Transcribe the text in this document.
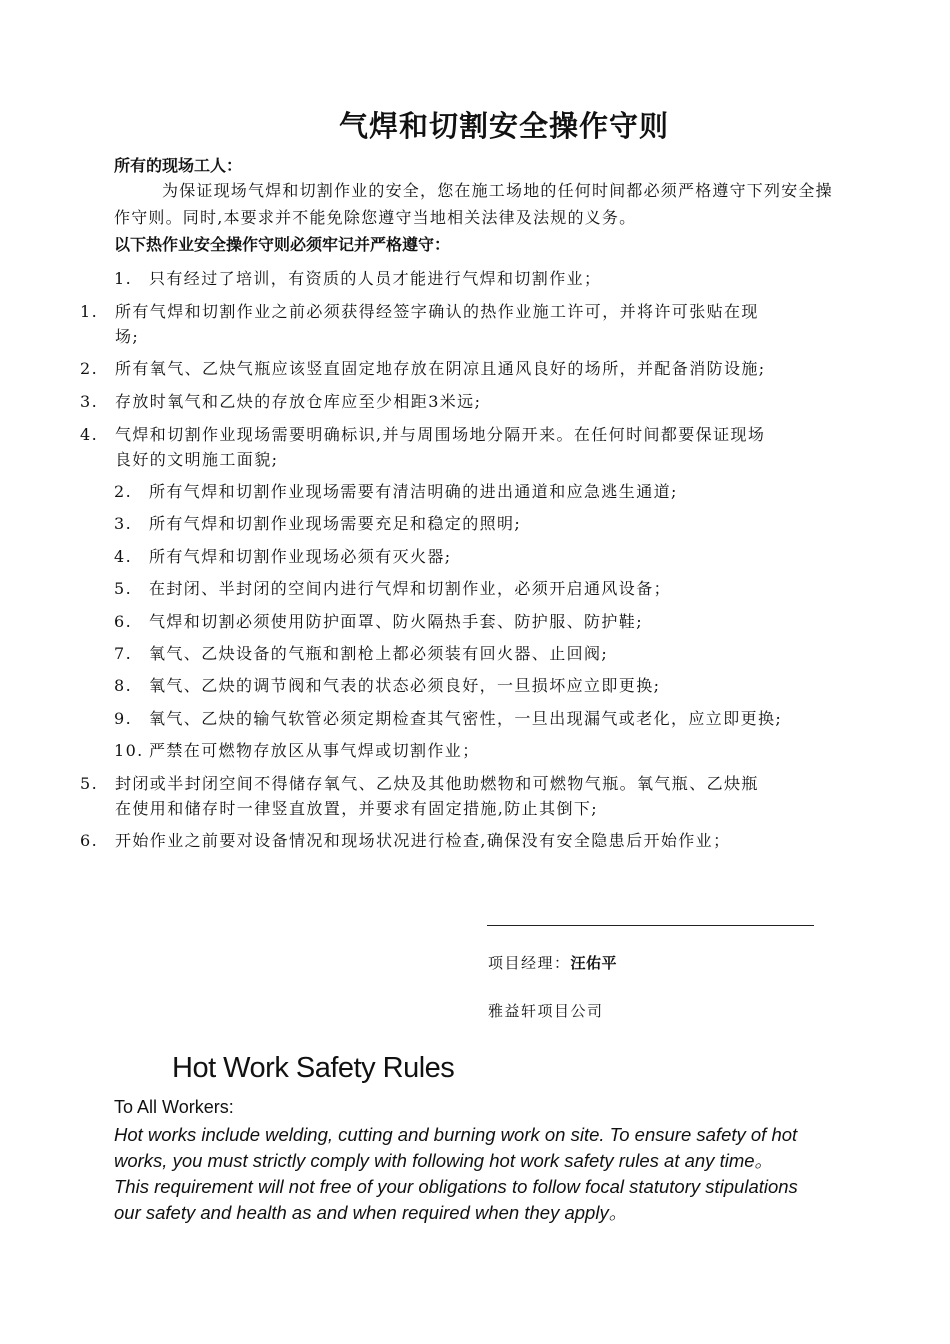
气焊和切割安全操作守则
所有的现场工人：
为保证现场气焊和切割作业的安全，您在施工场地的任何时间都必须严格遵守下列安全操作守则。同时,本要求并不能免除您遵守当地相关法律及法规的义务。
以下热作业安全操作守则必须牢记并严格遵守：
1. 只有经过了培训，有资质的人员才能进行气焊和切割作业；
1. 所有气焊和切割作业之前必须获得经签字确认的热作业施工许可，并将许可张贴在现
场;
2. 所有氧气、乙炔气瓶应该竖直固定地存放在阴凉且通风良好的场所，并配备消防设施;
3. 存放时氧气和乙炔的存放仓库应至少相距3米远;
4. 气焊和切割作业现场需要明确标识,并与周围场地分隔开来。在任何时间都要保证现场
良好的文明施工面貌;
2. 所有气焊和切割作业现场需要有清洁明确的进出通道和应急逃生通道;
3. 所有气焊和切割作业现场需要充足和稳定的照明;
4. 所有气焊和切割作业现场必须有灭火器;
5. 在封闭、半封闭的空间内进行气焊和切割作业，必须开启通风设备；
6. 气焊和切割必须使用防护面罩、防火隔热手套、防护服、防护鞋;
7. 氧气、乙炔设备的气瓶和割枪上都必须装有回火器、止回阀;
8. 氧气、乙炔的调节阀和气表的状态必须良好，一旦损坏应立即更换;
9. 氧气、乙炔的输气软管必须定期检查其气密性，一旦出现漏气或老化，应立即更换;
10. 严禁在可燃物存放区从事气焊或切割作业；
5. 封闭或半封闭空间不得储存氧气、乙炔及其他助燃物和可燃物气瓶。氧气瓶、乙炔瓶
在使用和储存时一律竖直放置，并要求有固定措施,防止其倒下;
6. 开始作业之前要对设备情况和现场状况进行检查,确保没有安全隐患后开始作业；
项目经理：汪佑平
雅益轩项目公司
Hot Work Safety Rules
To All Workers:
Hot works include welding, cutting and burning work on site. To ensure safety of hot
works, you must strictly comply with following hot work safety rules at any time。
This requirement will not free of your obligations to follow focal statutory stipulations
our safety and health as and when required when they apply。
